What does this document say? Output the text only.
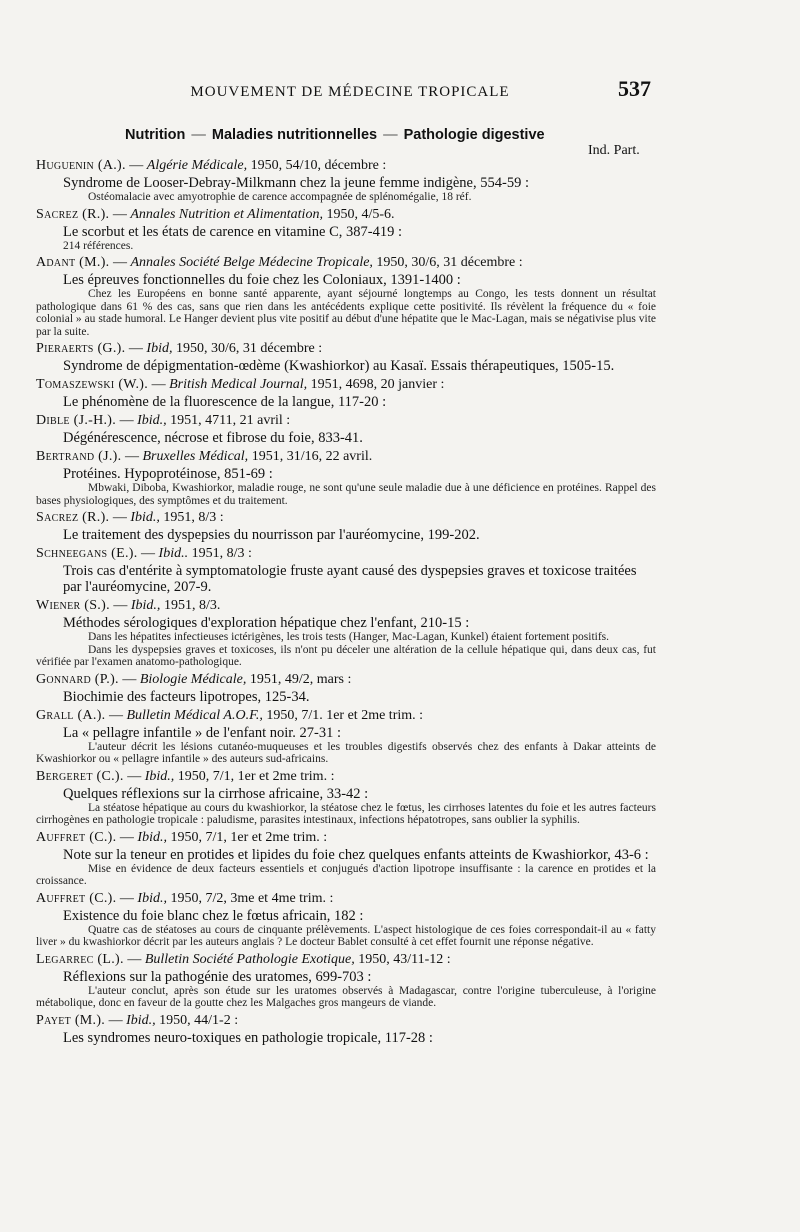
MOUVEMENT DE MÉDECINE TROPICALE	537
Nutrition — Maladies nutritionnelles — Pathologie digestive
Ind. Part.
Huguenin (A.). — Algérie Médicale, 1950, 54/10, décembre :
Syndrome de Looser-Debray-Milkmann chez la jeune femme indigène, 554-59 :
Ostéomalacie avec amyotrophie de carence accompagnée de splénomégalie, 18 réf.
Sacrez (R.). — Annales Nutrition et Alimentation, 1950, 4/5-6.
Le scorbut et les états de carence en vitamine C, 387-419 :
214 références.
Adant (M.). — Annales Société Belge Médecine Tropicale, 1950, 30/6, 31 décembre :
Les épreuves fonctionnelles du foie chez les Coloniaux, 1391-1400 :
Chez les Européens en bonne santé apparente, ayant séjourné longtemps au Congo, les tests donnent un résultat pathologique dans 61 % des cas, sans que rien dans les antécédents explique cette positivité. Ils révèlent la fréquence du « foie colonial » au stade humoral. Le Hanger devient plus vite positif au début d'une hépatite que le Mac-Lagan, mais se négativise plus vite par la suite.
Pieraerts (G.). — Ibid, 1950, 30/6, 31 décembre :
Syndrome de dépigmentation-œdème (Kwashiorkor) au Kasaï. Essais thérapeutiques, 1505-15.
Tomaszewski (W.). — British Medical Journal, 1951, 4698, 20 janvier :
Le phénomène de la fluorescence de la langue, 117-20 :
Dible (J.-H.). — Ibid., 1951, 4711, 21 avril :
Dégénérescence, nécrose et fibrose du foie, 833-41.
Bertrand (J.). — Bruxelles Médical, 1951, 31/16, 22 avril.
Protéines. Hypoprotéinose, 851-69 :
Mbwaki, Diboba, Kwashiorkor, maladie rouge, ne sont qu'une seule maladie due à une déficience en protéines. Rappel des bases physiologiques, des symptômes et du traitement.
Sacrez (R.). — Ibid., 1951, 8/3 :
Le traitement des dyspepsies du nourrisson par l'auréomycine, 199-202.
Schneegans (E.). — Ibid.. 1951, 8/3 :
Trois cas d'entérite à symptomatologie fruste ayant causé des dyspepsies graves et toxicose traitées par l'auréomycine, 207-9.
Wiener (S.). — Ibid., 1951, 8/3.
Méthodes sérologiques d'exploration hépatique chez l'enfant, 210-15 :
Dans les hépatites infectieuses ictérigènes, les trois tests (Hanger, Mac-Lagan, Kunkel) étaient fortement positifs.
Dans les dyspepsies graves et toxicoses, ils n'ont pu déceler une altération de la cellule hépatique qui, dans deux cas, fut vérifiée par l'examen anatomo-pathologique.
Gonnard (P.). — Biologie Médicale, 1951, 49/2, mars :
Biochimie des facteurs lipotropes, 125-34.
Grall (A.). — Bulletin Médical A.O.F., 1950, 7/1. 1er et 2me trim. :
La « pellagre infantile » de l'enfant noir. 27-31 :
L'auteur décrit les lésions cutanéo-muqueuses et les troubles digestifs observés chez des enfants à Dakar atteints de Kwashiorkor ou « pellagre infantile » des auteurs sud-africains.
Bergeret (C.). — Ibid., 1950, 7/1, 1er et 2me trim. :
Quelques réflexions sur la cirrhose africaine, 33-42 :
La stéatose hépatique au cours du kwashiorkor, la stéatose chez le fœtus, les cirrhoses latentes du foie et les autres facteurs cirrhogènes en pathologie tropicale : paludisme, parasites intestinaux, infections hépatotropes, sans oublier la syphilis.
Auffret (C.). — Ibid., 1950, 7/1, 1er et 2me trim. :
Note sur la teneur en protides et lipides du foie chez quelques enfants atteints de Kwashiorkor, 43-6 :
Mise en évidence de deux facteurs essentiels et conjugués d'action lipotrope insuffisante : la carence en protides et la croissance.
Auffret (C.). — Ibid., 1950, 7/2, 3me et 4me trim. :
Existence du foie blanc chez le fœtus africain, 182 :
Quatre cas de stéatoses au cours de cinquante prélèvements. L'aspect histologique de ces foies correspondait-il au « fatty liver » du kwashiorkor décrit par les auteurs anglais ? Le docteur Bablet consulté à cet effet fournit une réponse négative.
Legarrec (L.). — Bulletin Société Pathologie Exotique, 1950, 43/11-12 :
Réflexions sur la pathogénie des uratomes, 699-703 :
L'auteur conclut, après son étude sur les uratomes observés à Madagascar, contre l'origine tuberculeuse, à l'origine métabolique, donc en faveur de la goutte chez les Malgaches gros mangeurs de viande.
Payet (M.). — Ibid., 1950, 44/1-2 :
Les syndromes neuro-toxiques en pathologie tropicale, 117-28 :
